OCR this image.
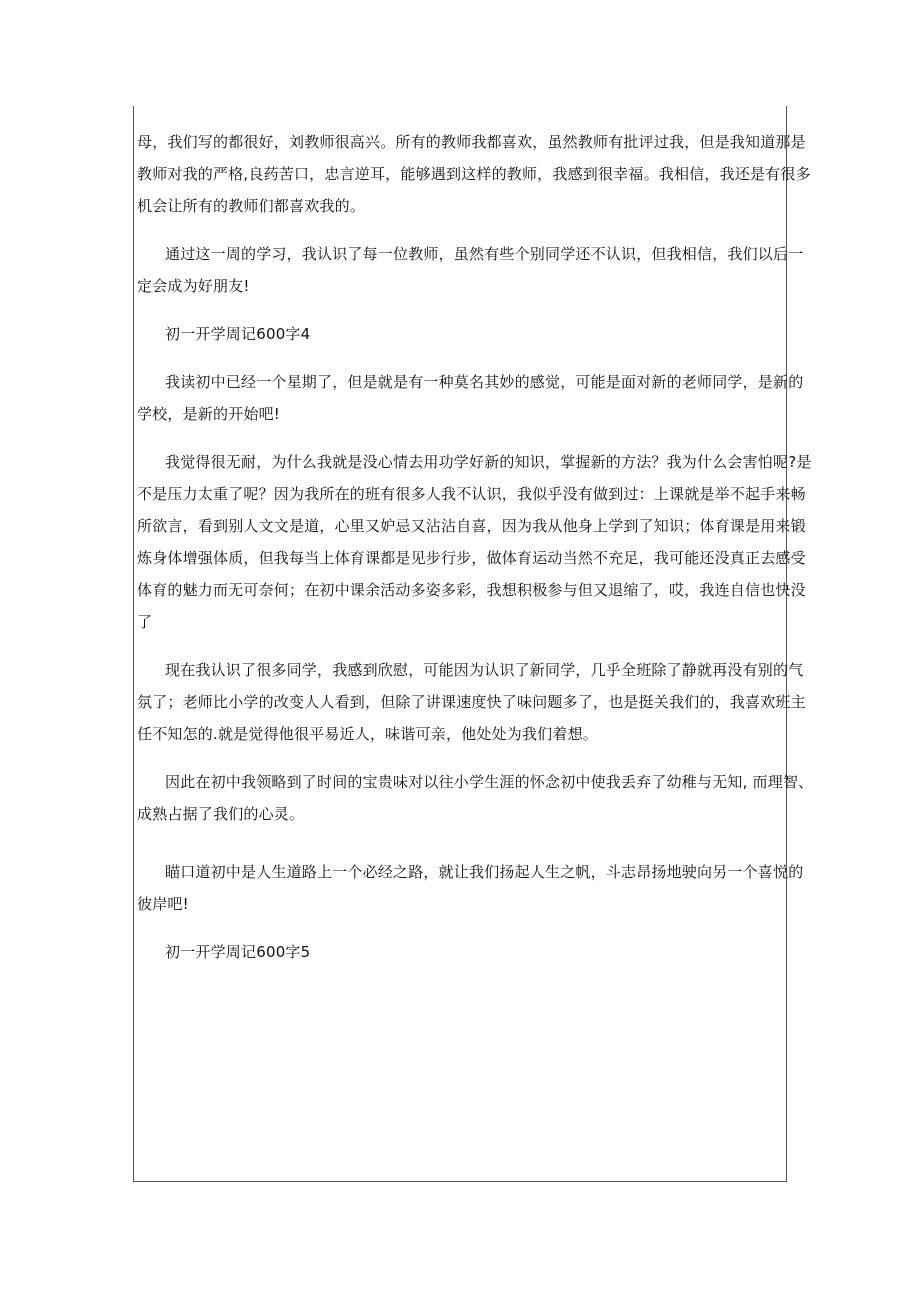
母，我们写的都很好，刘教师很高兴。所有的教师我都喜欢，虽然教师有批评过我，但是我知道那是
教师对我的严格,良药苦口，忠言逆耳，能够遇到这样的教师，我感到很幸福。我相信，我还是有很多
机会让所有的教师们都喜欢我的。
通过这一周的学习，我认识了每一位教师，虽然有些个别同学还不认识，但我相信，我们以后一
定会成为好朋友!
初一开学周记600字4
我读初中已经一个星期了，但是就是有一种莫名其妙的感觉，可能是面对新的老师同学，是新的
学校，是新的开始吧!
我觉得很无耐，为什么我就是没心情去用功学好新的知识，掌握新的方法？我为什么会害怕呢?是
不是压力太重了呢？因为我所在的班有很多人我不认识，我似乎没有做到过：上课就是举不起手来畅
所欲言，看到别人文文是道，心里又妒忌又沾沾自喜，因为我从他身上学到了知识；体育课是用来锻
炼身体增强体质，但我每当上体育课都是见步行步，做体育运动当然不充足，我可能还没真正去感受
体育的魅力而无可奈何；在初中课余活动多姿多彩，我想积极参与但又退缩了，哎，我连自信也快没
了
现在我认识了很多同学，我感到欣慰，可能因为认识了新同学，几乎全班除了静就再没有别的气
氛了；老师比小学的改变人人看到，但除了讲课速度快了味问题多了，也是挺关我们的，我喜欢班主
任不知怎的.就是觉得他很平易近人，味谐可亲，他处处为我们着想。
因此在初中我领略到了时间的宝贵味对以往小学生涯的怀念初中使我丢弃了幼稚与无知, 而理智、
成熟占据了我们的心灵。
瞄口道初中是人生道路上一个必经之路，就让我们扬起人生之帆，斗志昂扬地驶向另一个喜悦的
彼岸吧!
初一开学周记600字5
